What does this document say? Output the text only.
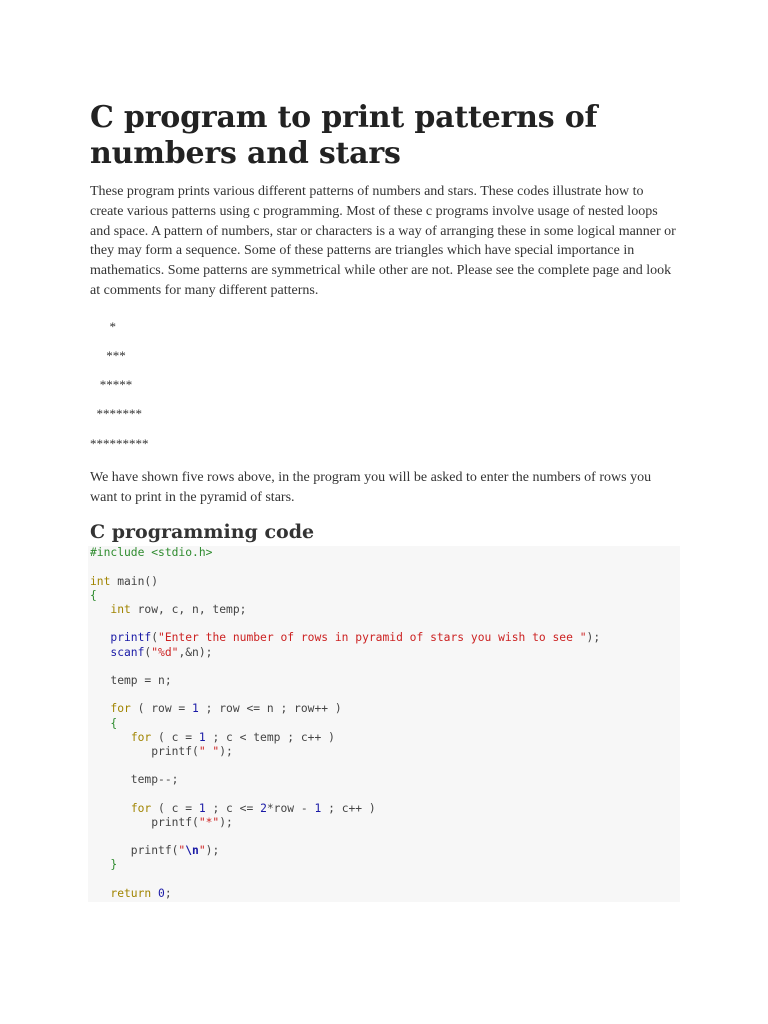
C program to print patterns of numbers and stars

These program prints various different patterns of numbers and stars. These codes illustrate how to create various patterns using c programming. Most of these c programs involve usage of nested loops and space. A pattern of numbers, star or characters is a way of arranging these in some logical manner or they may form a sequence. Some of these patterns are triangles which have special importance in mathematics. Some patterns are symmetrical while other are not. Please see the complete page and look at comments for many different patterns.

*
***
*****
*******
*********

We have shown five rows above, in the program you will be asked to enter the numbers of rows you want to print in the pyramid of stars.

C programming code
#include <stdio.h>

int main()
{
int row, c, n, temp;

printf("Enter the number of rows in pyramid of stars you wish to see ");
scanf("%d",&n);

temp = n;

for ( row = 1 ; row <= n ; row++ )
{
for ( c = 1 ; c < temp ; c++ )
printf(" ");

temp--;

for ( c = 1 ; c <= 2*row - 1 ; c++ )
printf("*");

printf("\n");
}

return 0;
